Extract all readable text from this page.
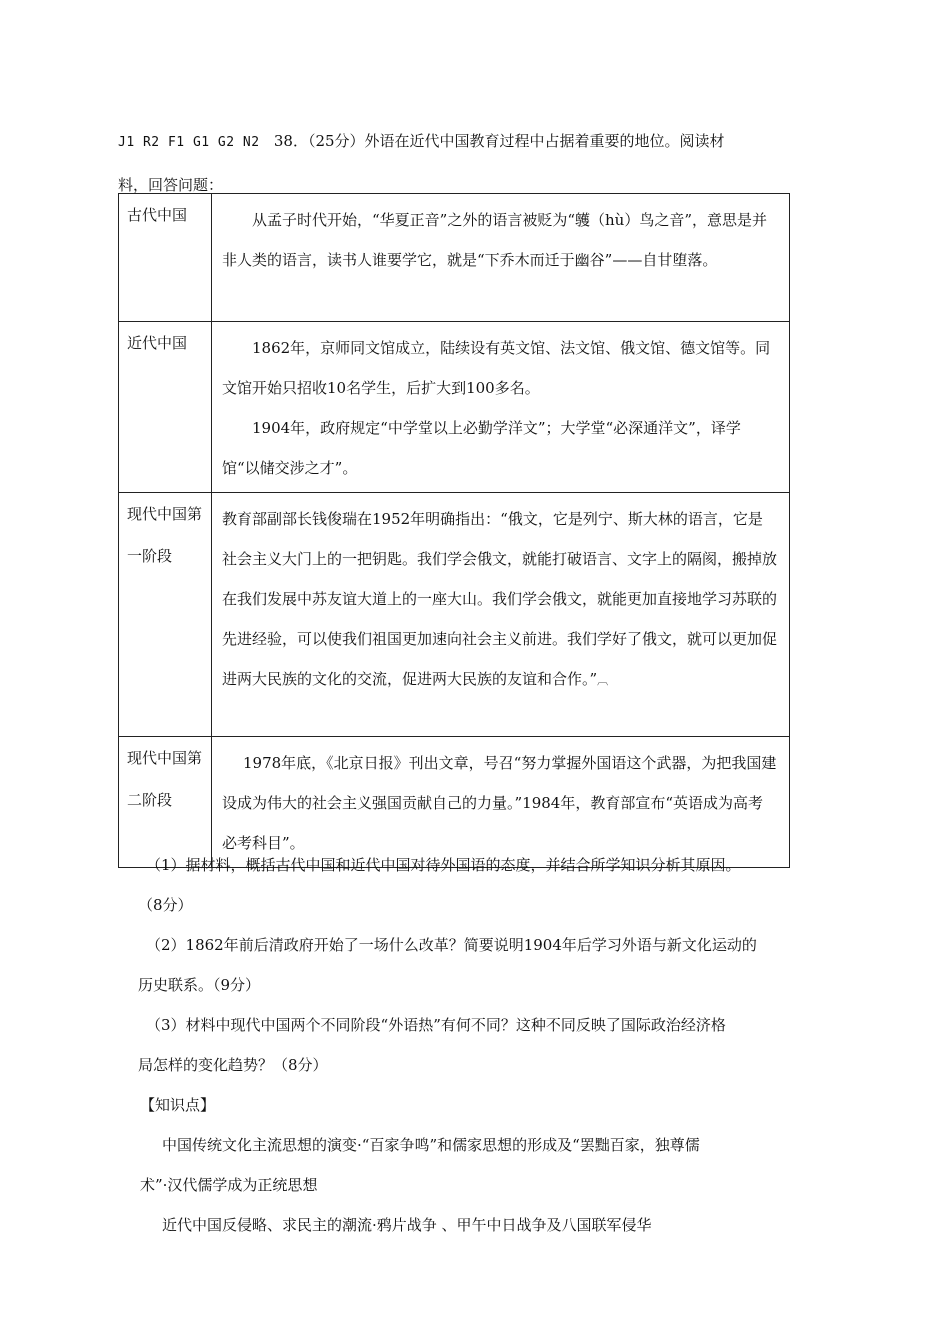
J1 R2 F1 G1 G2 N2 38．（25分）外语在近代中国教育过程中占据着重要的地位。阅读材
料，回答问题：
古代中国	从孟子时代开始，“华夏正音”之外的语言被贬为“鹱（hù）鸟之音”，意思是并非人类的语言，读书人谁要学它，就是“下乔木而迁于幽谷”——自甘堕落。

近代中国	1862年，京师同文馆成立，陆续设有英文馆、法文馆、俄文馆、德文馆等。同文馆开始只招收10名学生，后扩大到100多名。

1904年，政府规定“中学堂以上必勤学洋文”；大学堂“必深通洋文”，译学馆“以储交涉之才”。

现代中国第一阶段	教育部副部长钱俊瑞在1952年明确指出：“俄文，它是列宁、斯大林的语言，它是社会主义大门上的一把钥匙。我们学会俄文，就能打破语言、文字上的隔阂，搬掉放在我们发展中苏友谊大道上的一座大山。我们学会俄文，就能更加直接地学习苏联的先进经验，可以使我们祖国更加速向社会主义前进。我们学好了俄文，就可以更加促进两大民族的文化的交流，促进两大民族的友谊和合作。”︹

现代中国第二阶段	1978年底，《北京日报》刊出文章，号召“努力掌握外国语这个武器，为把我国建设成为伟大的社会主义强国贡献自己的力量。”1984年，教育部宣布“英语成为高考必考科目”。

（1）据材料，概括古代中国和近代中国对待外国语的态度，并结合所学知识分析其原因。

（8分）

（2）1862年前后清政府开始了一场什么改革？简要说明1904年后学习外语与新文化运动的

历史联系。（9分）

（3）材料中现代中国两个不同阶段“外语热”有何不同？这种不同反映了国际政治经济格

局怎样的变化趋势？（8分）

【知识点】

中国传统文化主流思想的演变·“百家争鸣”和儒家思想的形成及“罢黜百家，独尊儒

术”·汉代儒学成为正统思想

近代中国反侵略、求民主的潮流·鸦片战争 、甲午中日战争及八国联军侵华
